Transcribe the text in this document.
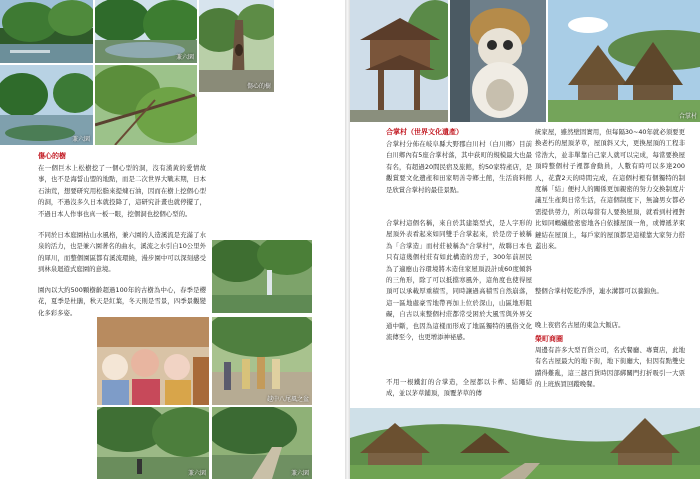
兼六園
傷心的樹
兼六園
傷心的樹

在一個巨木上松樹挖了一個心型的洞，沒有漢黃的愛情故事，也不是海誓山盟的地點，而是二次世界大戰末期，日本石油荒，想要研究用松脂來提煉石油，因而在樹上挖個心型的洞，不過沒多久日本就投降了，這研究計畫也就停擺了，不過日本人作事也真一板一眼，挖個洞也挖個心型的。

不同於日本庭園枯山水風格，兼六園的人造溪流是充滿了水泉的活力，也是兼六園著名的曲水，溪流之水引自10公里外的犀川，而整個園區都有溪流環繞，漫步園中可以深刻感受到林泉迴遊式庭園的意境。

園內以大約500顆樹齡超過100年的古樹為中心，春季是櫻花，夏季是杜鵑，秋天是紅葉，冬天則是雪景，四季景觀變化多彩多姿。

越中八尾風之盆
兼六園	兼六園
合掌村
合掌村（世界文化遺產）

合掌村分佈在岐阜縣大野郡白川村（白川鄉）目前白川鄉內有5座合掌村落，其中荻町的規模最大也最有名，有超過20間民宿及旅館，約50家特產店，是觀賞要文化遺產和田家明善寺鄉土館，生活資料館是欣賞合掌村的最佳景點。

合掌村這個名稱，來自於其建築型式，是人字形的屋頂外表看起來如同雙手合掌起來，於是房子被稱為「合掌造」而村莊被稱為"合掌村"，故聯日本也只有這幾個村莊有如此構造的房子，300年前居民為了適應山谷環境將木造住家屋頂設計成60度傾斜的三角形，除了可以抵擋寒風外，這角度也使得屋頂可以承載厚重積雪，同時讓過高積雪自然崩落，這一區地處豪雪地帶再加上位於深山，山區地形阻礙，自古以來整個村莊都常受困於大風雪與外界交通中斷，也因為這樣而形成了地區獨特的風俗文化流傳至今，也更增添神祕感。

不用一根鐵釘的合掌造，全屋都以卡榫、結繩結成，並以茅草鋪頂，頂覆茅草的傳

統家屋，雖然壁固實用，但每隔30~40年就必須要更換老朽的屋頂茅草，屋頂斜又大，更換屋頂的工程非常浩大，並非單靠自己家人就可以完成，每當要換屋頂時整個村子裡都會動員，人數有時可以多達200人，花費2天的時間完成，在這個村裡有個獨特的制度稱「結」便村人的關係更加親密的努力交換制度片議互生產與日常生活，在這個制度下，無論男女都必需提供勞力，所以每當有人要換屋頂，就看到村裡對比如同螞蟻般密密地各自依據屋頂一角，或傳遞茅束鏈結在屋頂上，每戶家的屋頂都是這樣靠大家努力搭蓋出來。

整個合掌村乾乾淨淨，連水溝都可以養錦魚。

晚上夜宿名古屋的東急大飯店。

榮町商圈

周邊有許多大型百貨公司，名式餐廳、專賣店，此地有名古屋最大的地下街，地下街廳大，但因有點雙史蹟得難亂，這三越百貨時因部綁關門打折吸引一大票的上班族買回蹤晚餐。
